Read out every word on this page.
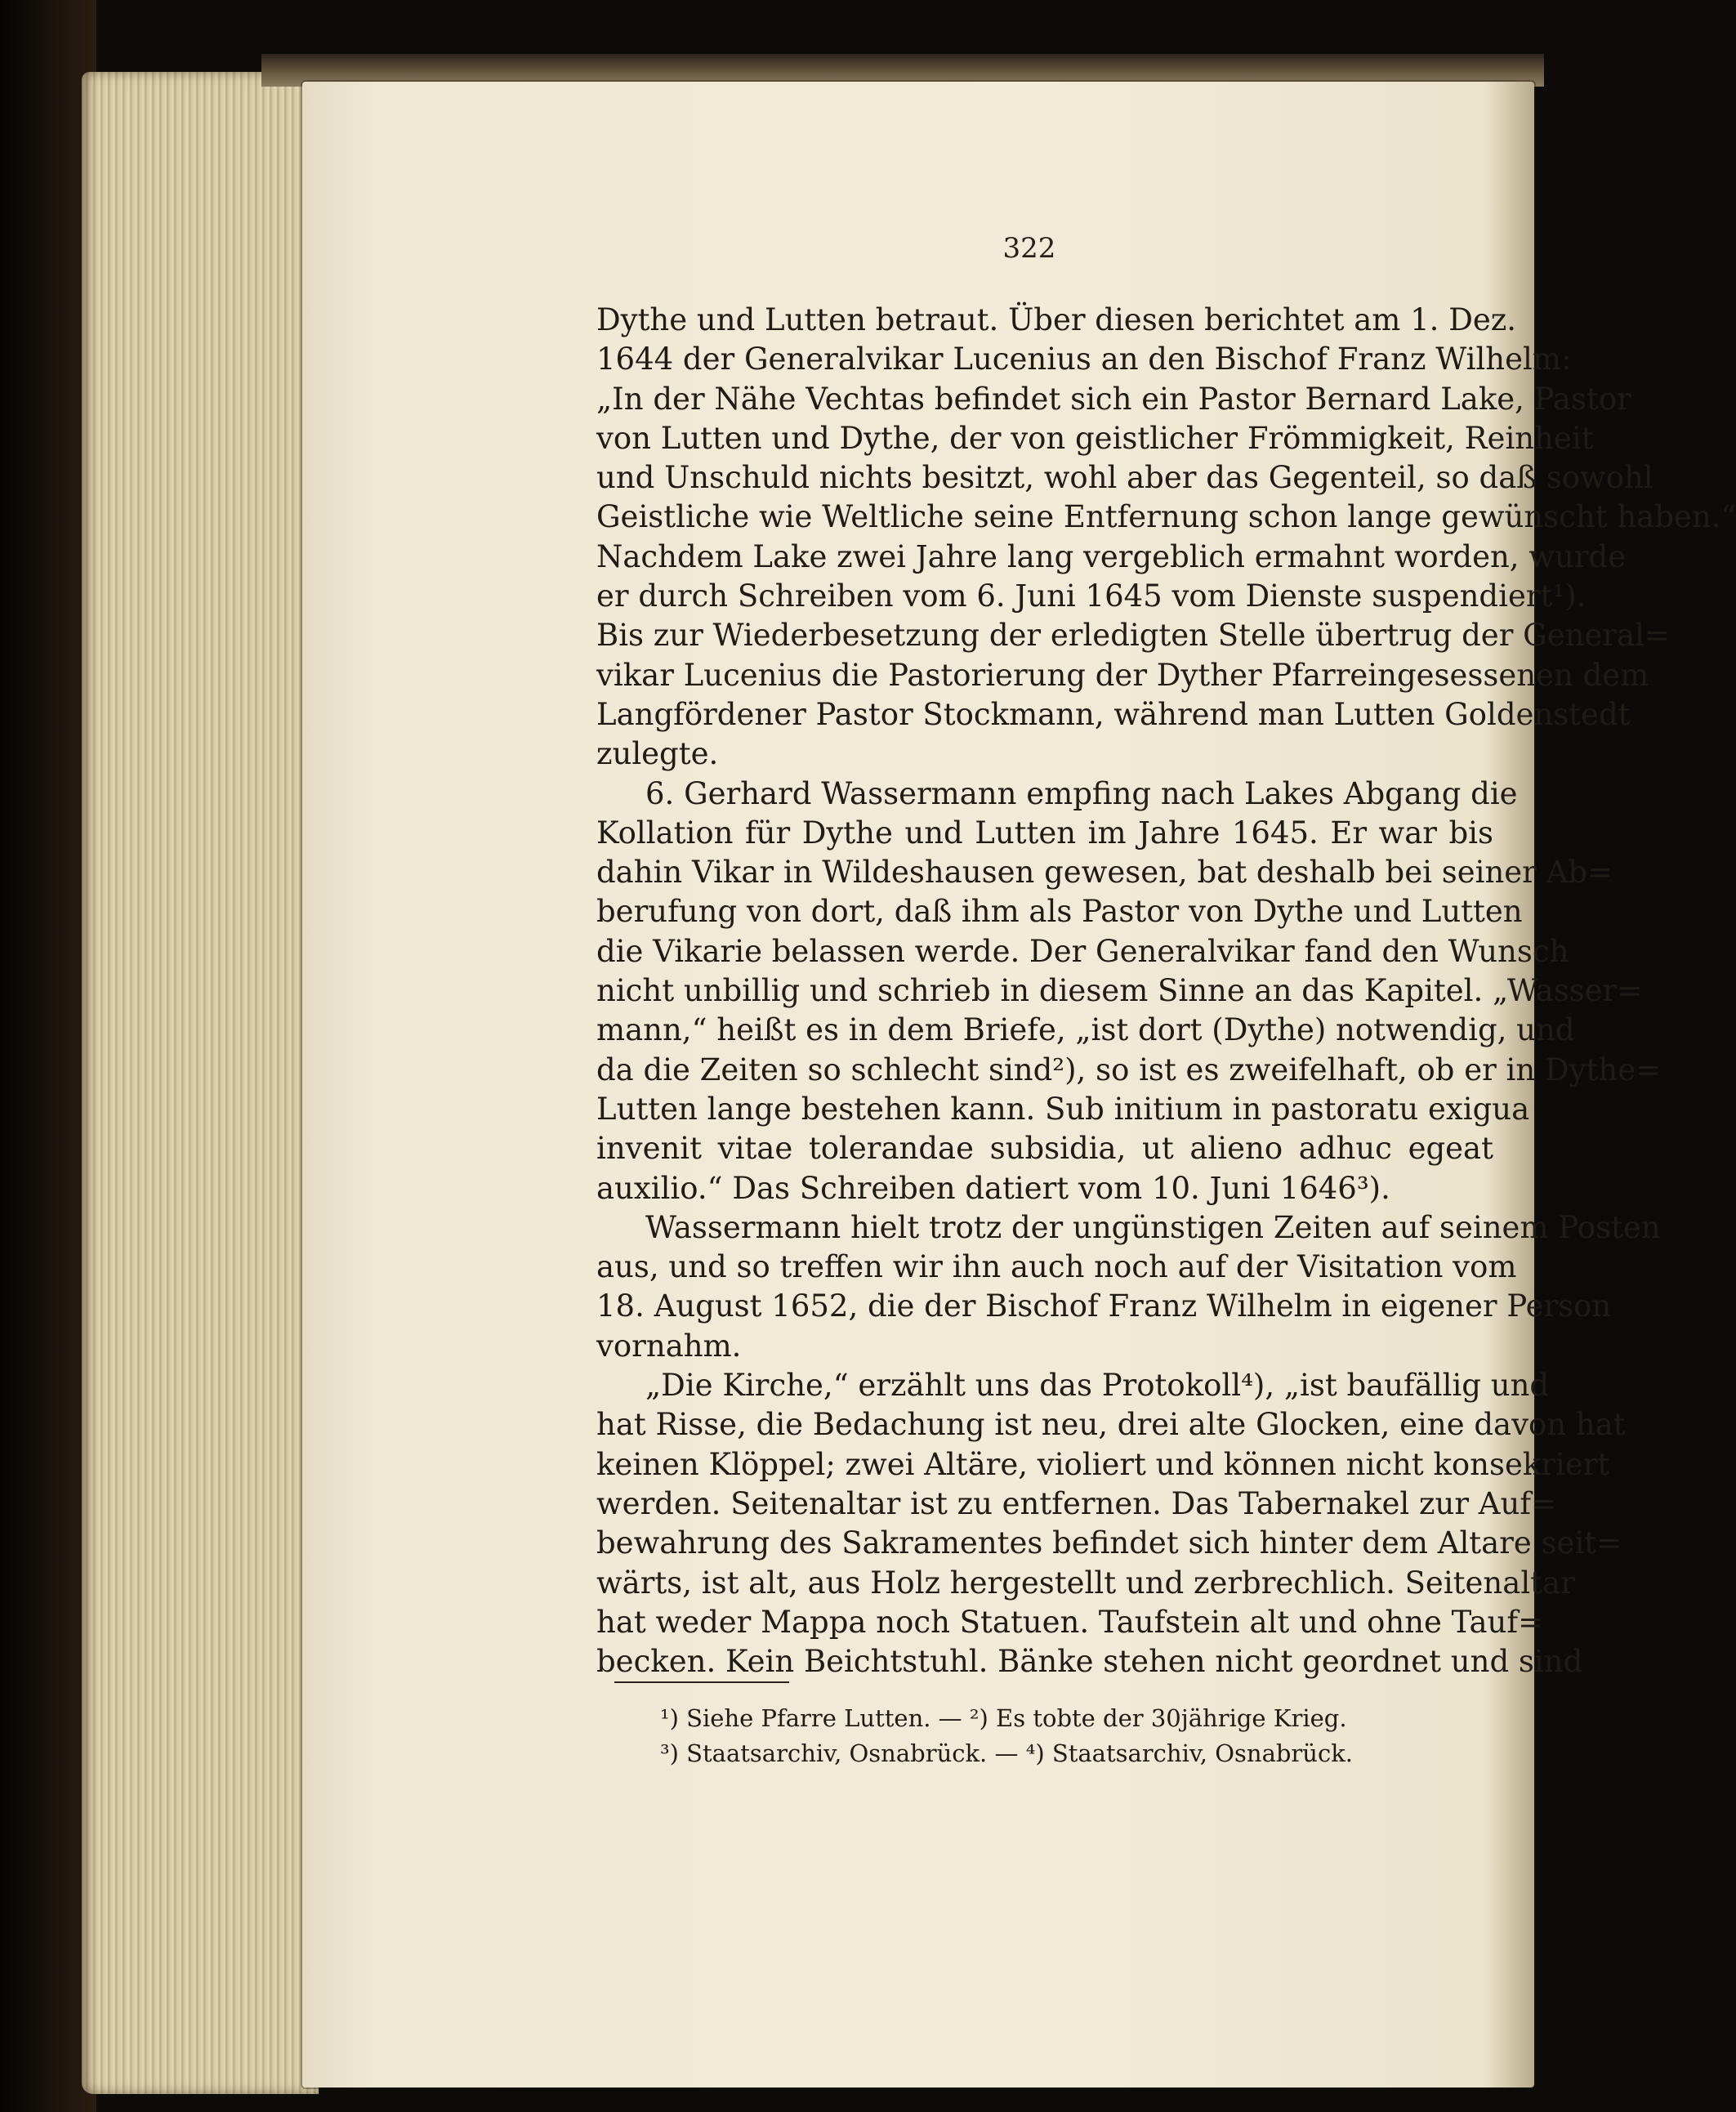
322
Dythe und Lutten betraut. Über diesen berichtet am 1. Dez.
1644 der Generalvikar Lucenius an den Bischof Franz Wilhelm:
„In der Nähe Vechtas befindet sich ein Pastor Bernard Lake, Pastor
von Lutten und Dythe, der von geistlicher Frömmigkeit, Reinheit
und Unschuld nichts besitzt, wohl aber das Gegenteil, so daß sowohl
Geistliche wie Weltliche seine Entfernung schon lange gewünscht haben.“
Nachdem Lake zwei Jahre lang vergeblich ermahnt worden, wurde
er durch Schreiben vom 6. Juni 1645 vom Dienste suspendiert¹).
Bis zur Wiederbesetzung der erledigten Stelle übertrug der General=
vikar Lucenius die Pastorierung der Dyther Pfarreingesessenen dem
Langfördener Pastor Stockmann, während man Lutten Goldenstedt
zulegte.
6. Gerhard Wassermann empfing nach Lakes Abgang die
Kollation für Dythe und Lutten im Jahre 1645. Er war bis
dahin Vikar in Wildeshausen gewesen, bat deshalb bei seiner Ab=
berufung von dort, daß ihm als Pastor von Dythe und Lutten
die Vikarie belassen werde. Der Generalvikar fand den Wunsch
nicht unbillig und schrieb in diesem Sinne an das Kapitel. „Wasser=
mann,“ heißt es in dem Briefe, „ist dort (Dythe) notwendig, und
da die Zeiten so schlecht sind²), so ist es zweifelhaft, ob er in Dythe=
Lutten lange bestehen kann. Sub initium in pastoratu exigua
invenit vitae tolerandae subsidia, ut alieno adhuc egeat
auxilio.“ Das Schreiben datiert vom 10. Juni 1646³).
Wassermann hielt trotz der ungünstigen Zeiten auf seinem Posten
aus, und so treffen wir ihn auch noch auf der Visitation vom
18. August 1652, die der Bischof Franz Wilhelm in eigener Person
vornahm.
„Die Kirche,“ erzählt uns das Protokoll⁴), „ist baufällig und
hat Risse, die Bedachung ist neu, drei alte Glocken, eine davon hat
keinen Klöppel; zwei Altäre, violiert und können nicht konsekriert
werden. Seitenaltar ist zu entfernen. Das Tabernakel zur Auf=
bewahrung des Sakramentes befindet sich hinter dem Altare seit=
wärts, ist alt, aus Holz hergestellt und zerbrechlich. Seitenaltar
hat weder Mappa noch Statuen. Taufstein alt und ohne Tauf=
becken. Kein Beichtstuhl. Bänke stehen nicht geordnet und sind
¹) Siehe Pfarre Lutten. — ²) Es tobte der 30jährige Krieg.
³) Staatsarchiv, Osnabrück. — ⁴) Staatsarchiv, Osnabrück.
